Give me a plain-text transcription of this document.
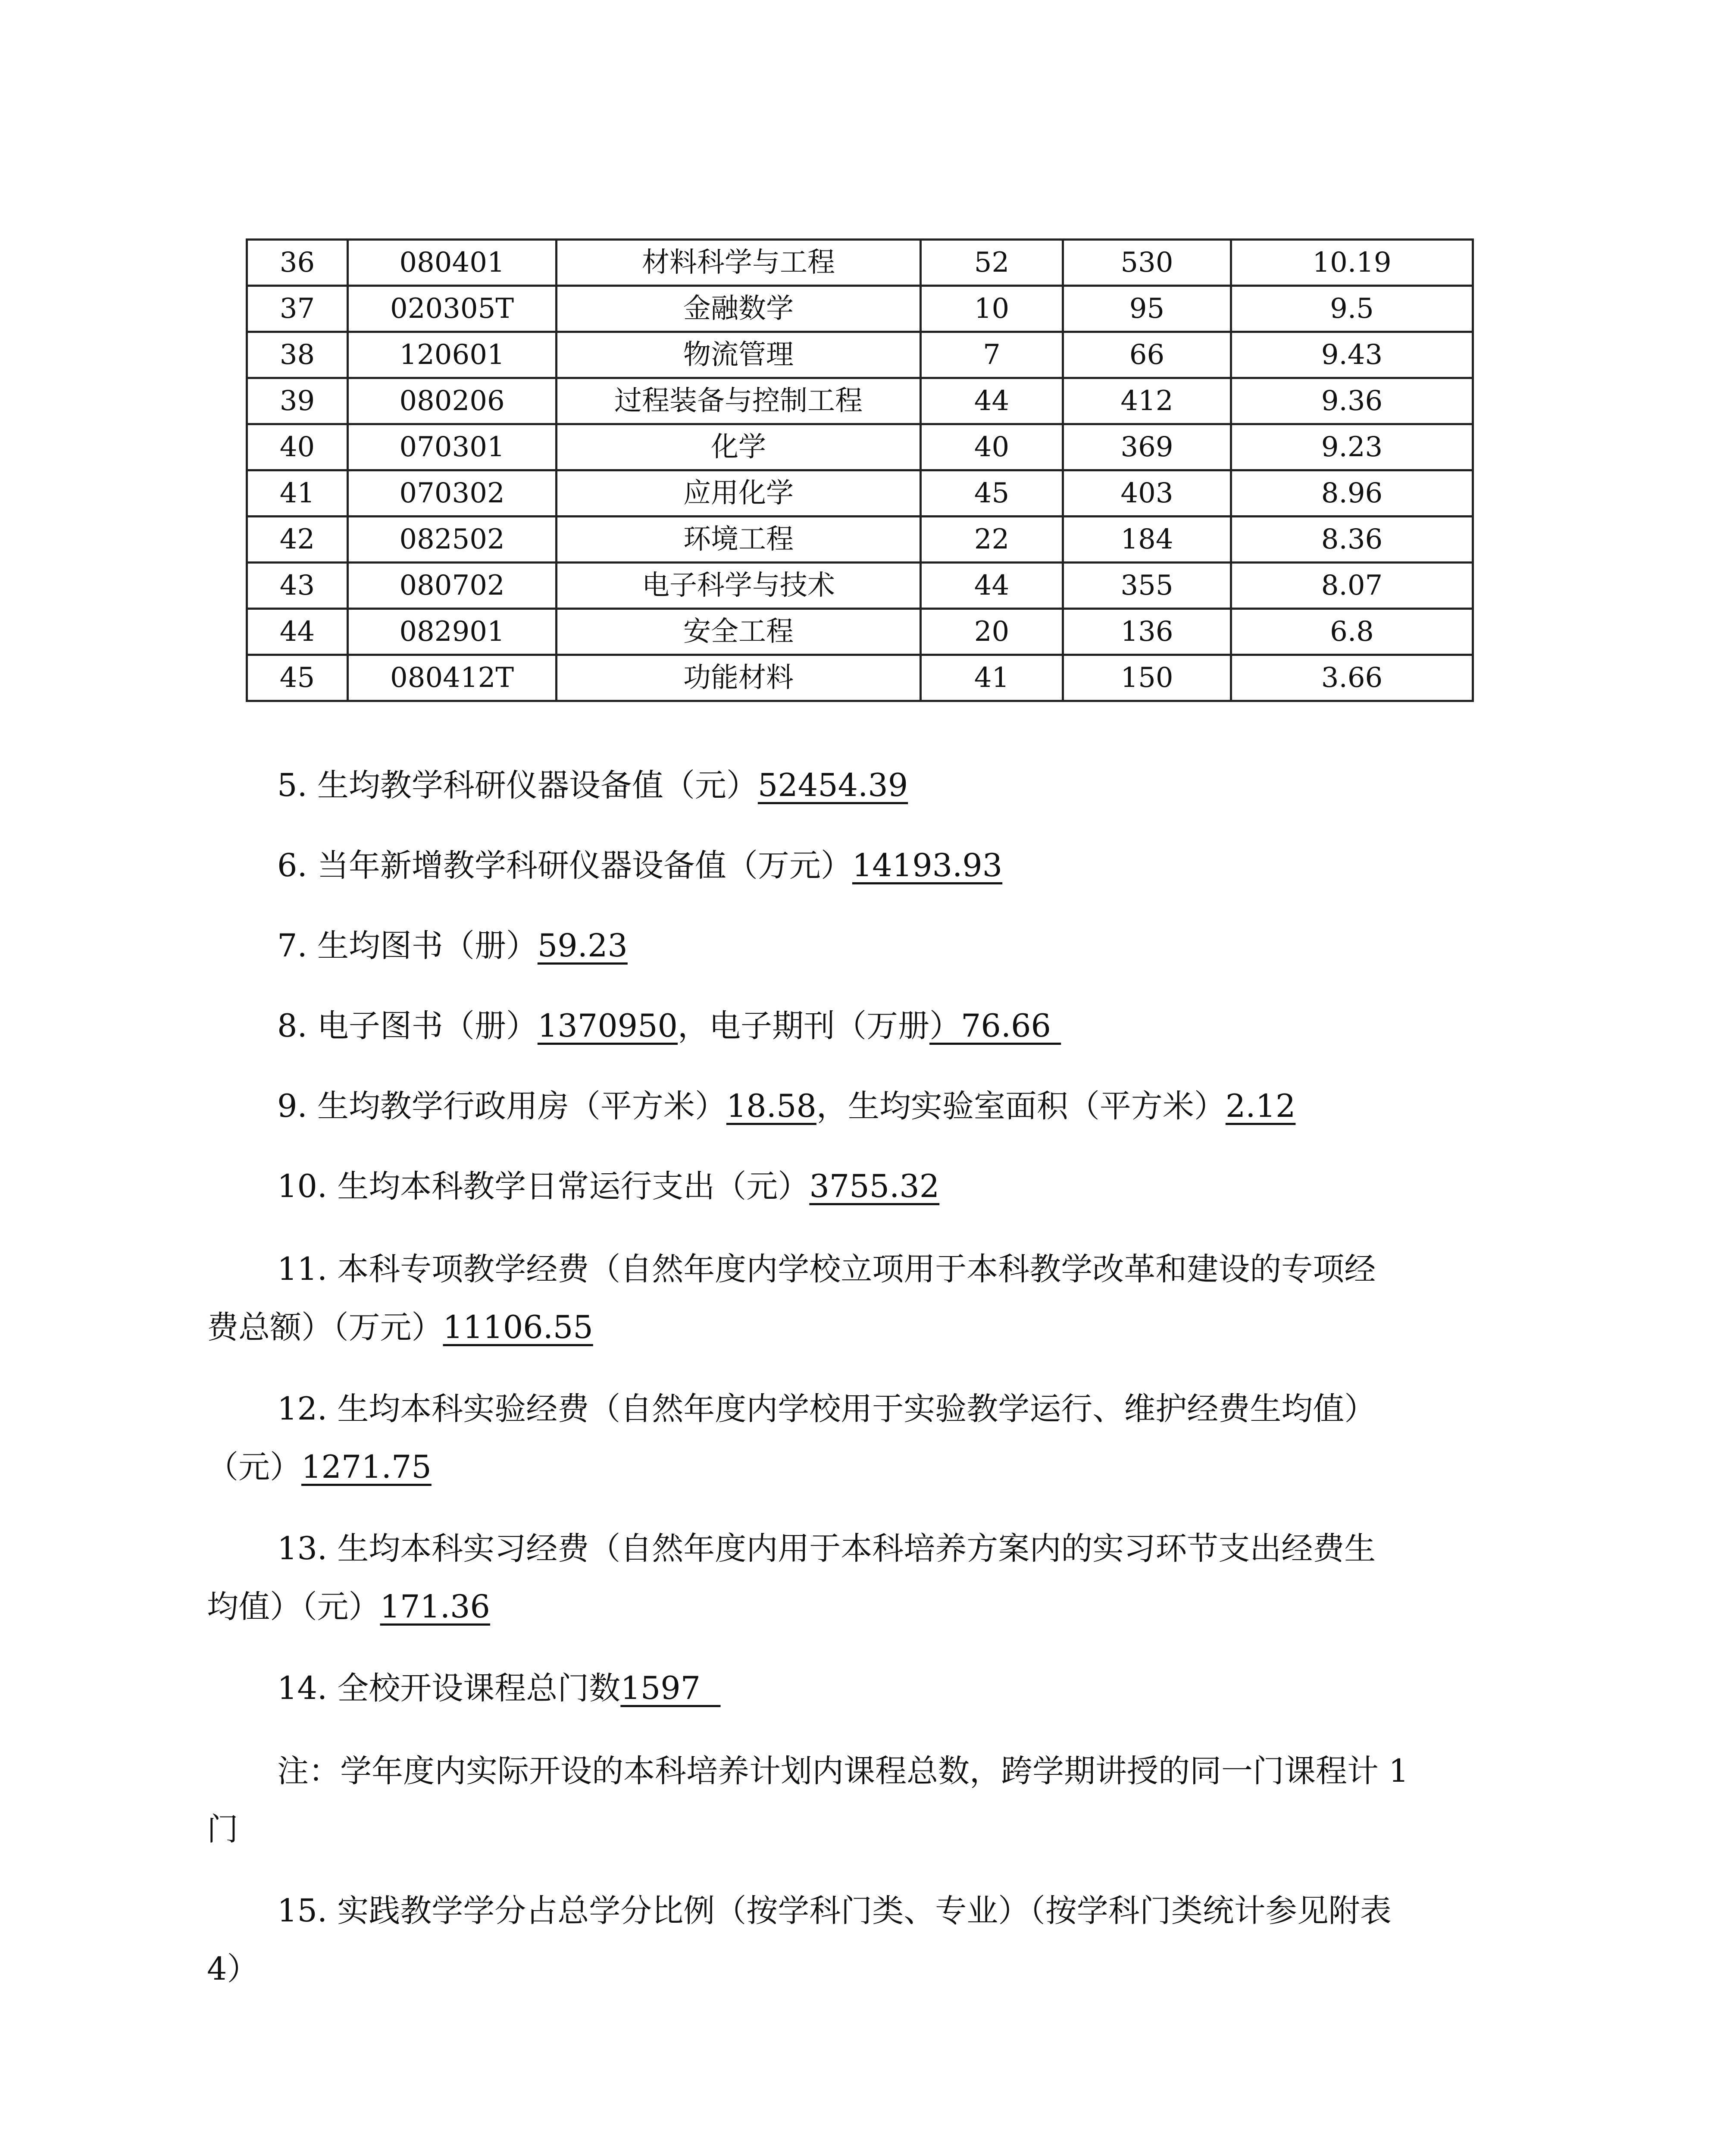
36	080401	材料科学与工程	52	530	10.19
37	020305T	金融数学	10	95	9.5
38	120601	物流管理	7	66	9.43
39	080206	过程装备与控制工程	44	412	9.36
40	070301	化学	40	369	9.23
41	070302	应用化学	45	403	8.96
42	082502	环境工程	22	184	8.36
43	080702	电子科学与技术	44	355	8.07
44	082901	安全工程	20	136	6.8
45	080412T	功能材料	41	150	3.66
5. 生均教学科研仪器设备值（元）52454.39
6. 当年新增教学科研仪器设备值（万元）14193.93
7. 生均图书（册）59.23
8. 电子图书（册）1370950，电子期刊（万册）76.66
9. 生均教学行政用房（平方米）18.58，生均实验室面积（平方米）2.12
10. 生均本科教学日常运行支出（元）3755.32
11. 本科专项教学经费（自然年度内学校立项用于本科教学改革和建设的专项经
费总额）（万元）11106.55
12. 生均本科实验经费（自然年度内学校用于实验教学运行、维护经费生均值）
（元）1271.75
13. 生均本科实习经费（自然年度内用于本科培养方案内的实习环节支出经费生
均值）（元）171.36
14. 全校开设课程总门数1597
注：学年度内实际开设的本科培养计划内课程总数，跨学期讲授的同一门课程计 1
门
15. 实践教学学分占总学分比例（按学科门类、专业）（按学科门类统计参见附表
4）
